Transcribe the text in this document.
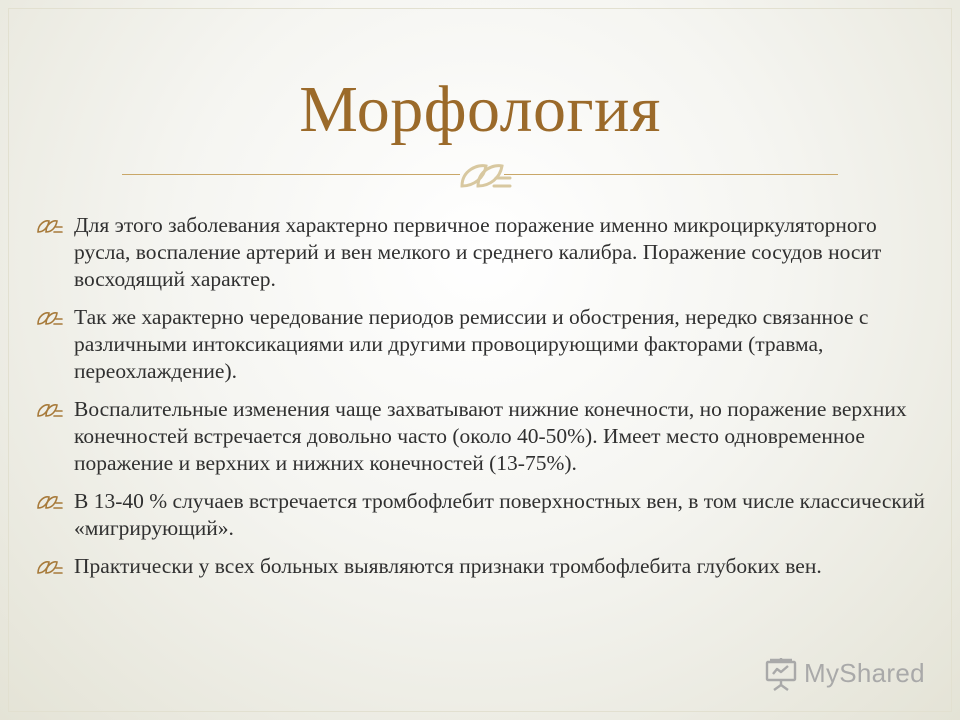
Морфология
Для этого заболевания характерно первичное поражение именно микроциркуляторного русла, воспаление артерий и вен мелкого и среднего калибра. Поражение сосудов носит восходящий характер.
Так же характерно чередование периодов ремиссии и обострения, нередко связанное с различными интоксикациями или другими провоцирующими факторами (травма, переохлаждение).
Воспалительные изменения чаще захватывают нижние конечности, но поражение верхних конечностей встречается довольно часто (около 40-50%). Имеет место одновременное поражение и верхних и нижних конечностей (13-75%).
В 13-40 % случаев встречается тромбофлебит поверхностных вен, в том числе классический «мигрирующий».
Практически у всех больных выявляются признаки тромбофлебита глубоких вен.
MyShared
